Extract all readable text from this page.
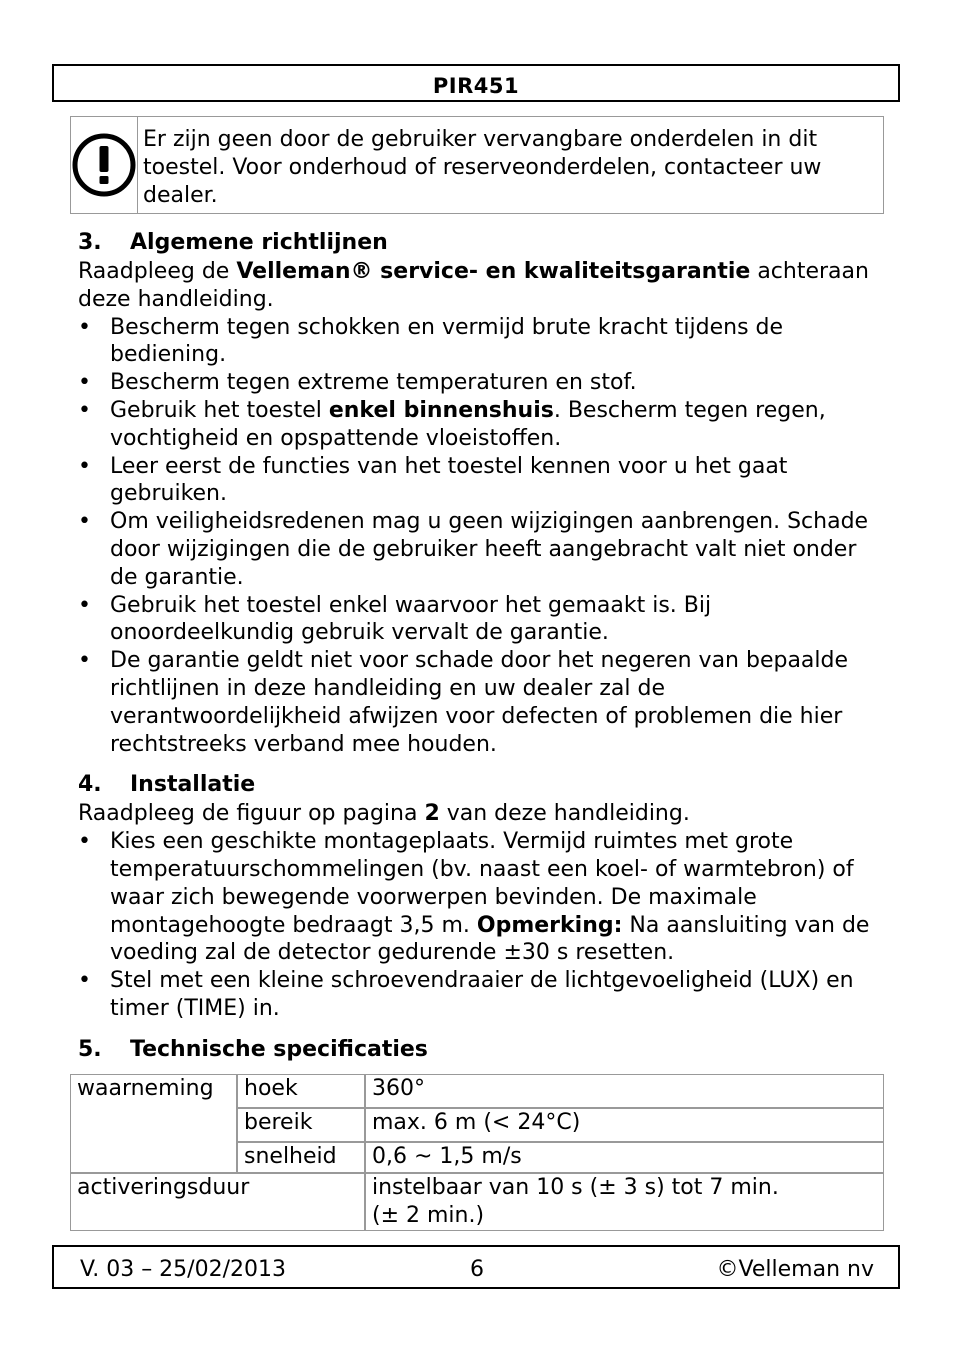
PIR451
Er zijn geen door de gebruiker vervangbare onderdelen in dit toestel. Voor onderhoud of reserveonderdelen, contacteer uw dealer.
3.	Algemene richtlijnen

Raadpleeg de Velleman® service- en kwaliteitsgarantie achteraan deze handleiding.

• Bescherm tegen schokken en vermijd brute kracht tijdens de bediening.
• Bescherm tegen extreme temperaturen en stof.
• Gebruik het toestel enkel binnenshuis. Bescherm tegen regen, vochtigheid en opspattende vloeistoffen.
• Leer eerst de functies van het toestel kennen voor u het gaat gebruiken.
• Om veiligheidsredenen mag u geen wijzigingen aanbrengen. Schade door wijzigingen die de gebruiker heeft aangebracht valt niet onder de garantie.
• Gebruik het toestel enkel waarvoor het gemaakt is. Bij onoordeelkundig gebruik vervalt de garantie.
• De garantie geldt niet voor schade door het negeren van bepaalde richtlijnen in deze handleiding en uw dealer zal de verantwoordelijkheid afwijzen voor defecten of problemen die hier rechtstreeks verband mee houden.
4.	Installatie

Raadpleeg de figuur op pagina 2 van deze handleiding.

• Kies een geschikte montageplaats. Vermijd ruimtes met grote temperatuurschommelingen (bv. naast een koel- of warmtebron) of waar zich bewegende voorwerpen bevinden. De maximale montagehoogte bedraagt 3,5 m. Opmerking: Na aansluiting van de voeding zal de detector gedurende ±30 s resetten.
• Stel met een kleine schroevendraaier de lichtgevoeligheid (LUX) en timer (TIME) in.
5.	Technische specificaties
waarneming	hoek	360°
	bereik	max. 6 m (< 24°C)
	snelheid	0,6 ~ 1,5 m/s
activeringsduur		instelbaar van 10 s (± 3 s) tot 7 min.
(± 2 min.)
V. 03 – 25/02/2013	6	©Velleman nv
